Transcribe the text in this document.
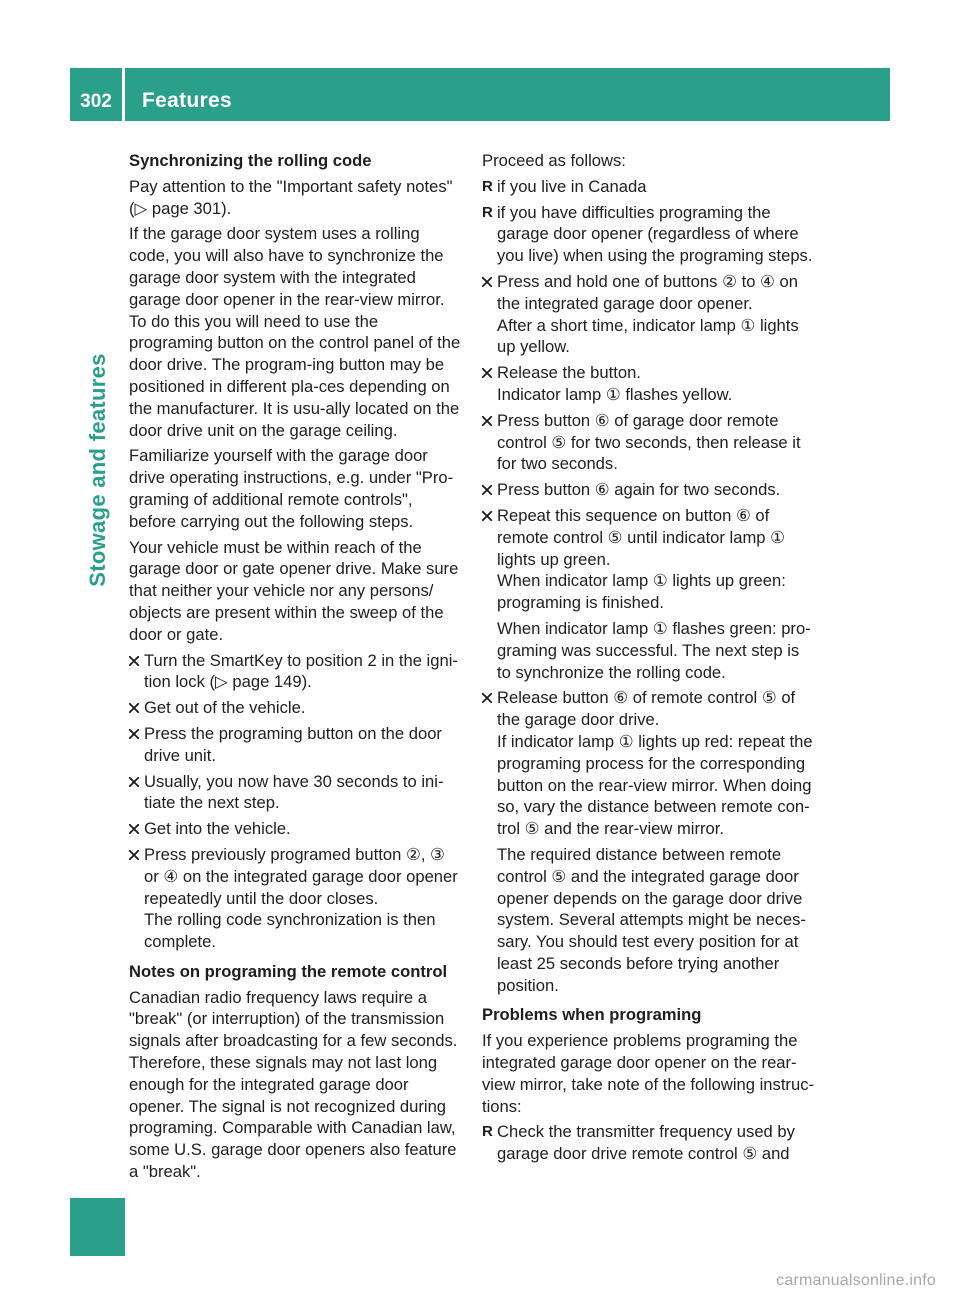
302	Features
Stowage and features

Synchronizing the rolling code

Pay attention to the "Important safety notes" (▷ page 301).

If the garage door system uses a rolling code, you will also have to synchronize the garage door system with the integrated garage door opener in the rear-view mirror. To do this you will need to use the programing button on the control panel of the door drive. The program-ing button may be positioned in different pla-ces depending on the manufacturer. It is usu-ally located on the door drive unit on the garage ceiling.

Familiarize yourself with the garage door drive operating instructions, e.g. under "Pro-graming of additional remote controls", before carrying out the following steps.

Your vehicle must be within reach of the garage door or gate opener drive. Make sure that neither your vehicle nor any persons/ objects are present within the sweep of the door or gate.

Turn the SmartKey to position 2 in the igni-tion lock (▷ page 149).
Get out of the vehicle.
Press the programing button on the door drive unit.
Usually, you now have 30 seconds to ini-tiate the next step.
Get into the vehicle.
Press previously programed button ②, ③ or ④ on the integrated garage door opener repeatedly until the door closes.
The rolling code synchronization is then complete.

Notes on programing the remote control

Canadian radio frequency laws require a "break" (or interruption) of the transmission signals after broadcasting for a few seconds. Therefore, these signals may not last long enough for the integrated garage door opener. The signal is not recognized during programing. Comparable with Canadian law, some U.S. garage door openers also feature a "break".

Proceed as follows:

R if you live in Canada
R if you have difficulties programing the garage door opener (regardless of where you live) when using the programing steps.
Press and hold one of buttons ② to ④ on the integrated garage door opener.
After a short time, indicator lamp ① lights up yellow.
Release the button.
Indicator lamp ① flashes yellow.
Press button ⑥ of garage door remote control ⑤ for two seconds, then release it for two seconds.
Press button ⑥ again for two seconds.
Repeat this sequence on button ⑥ of remote control ⑤ until indicator lamp ① lights up green.
When indicator lamp ① lights up green: programing is finished.
When indicator lamp ① flashes green: pro-graming was successful. The next step is to synchronize the rolling code.
Release button ⑥ of remote control ⑤ of the garage door drive.
If indicator lamp ① lights up red: repeat the programing process for the corresponding button on the rear-view mirror. When doing so, vary the distance between remote con-trol ⑤ and the rear-view mirror.
The required distance between remote control ⑤ and the integrated garage door opener depends on the garage door drive system. Several attempts might be neces-sary. You should test every position for at least 25 seconds before trying another position.

Problems when programing

If you experience problems programing the integrated garage door opener on the rear-view mirror, take note of the following instruc-tions:

R Check the transmitter frequency used by garage door drive remote control ⑤ and
carmanualsonline.info
